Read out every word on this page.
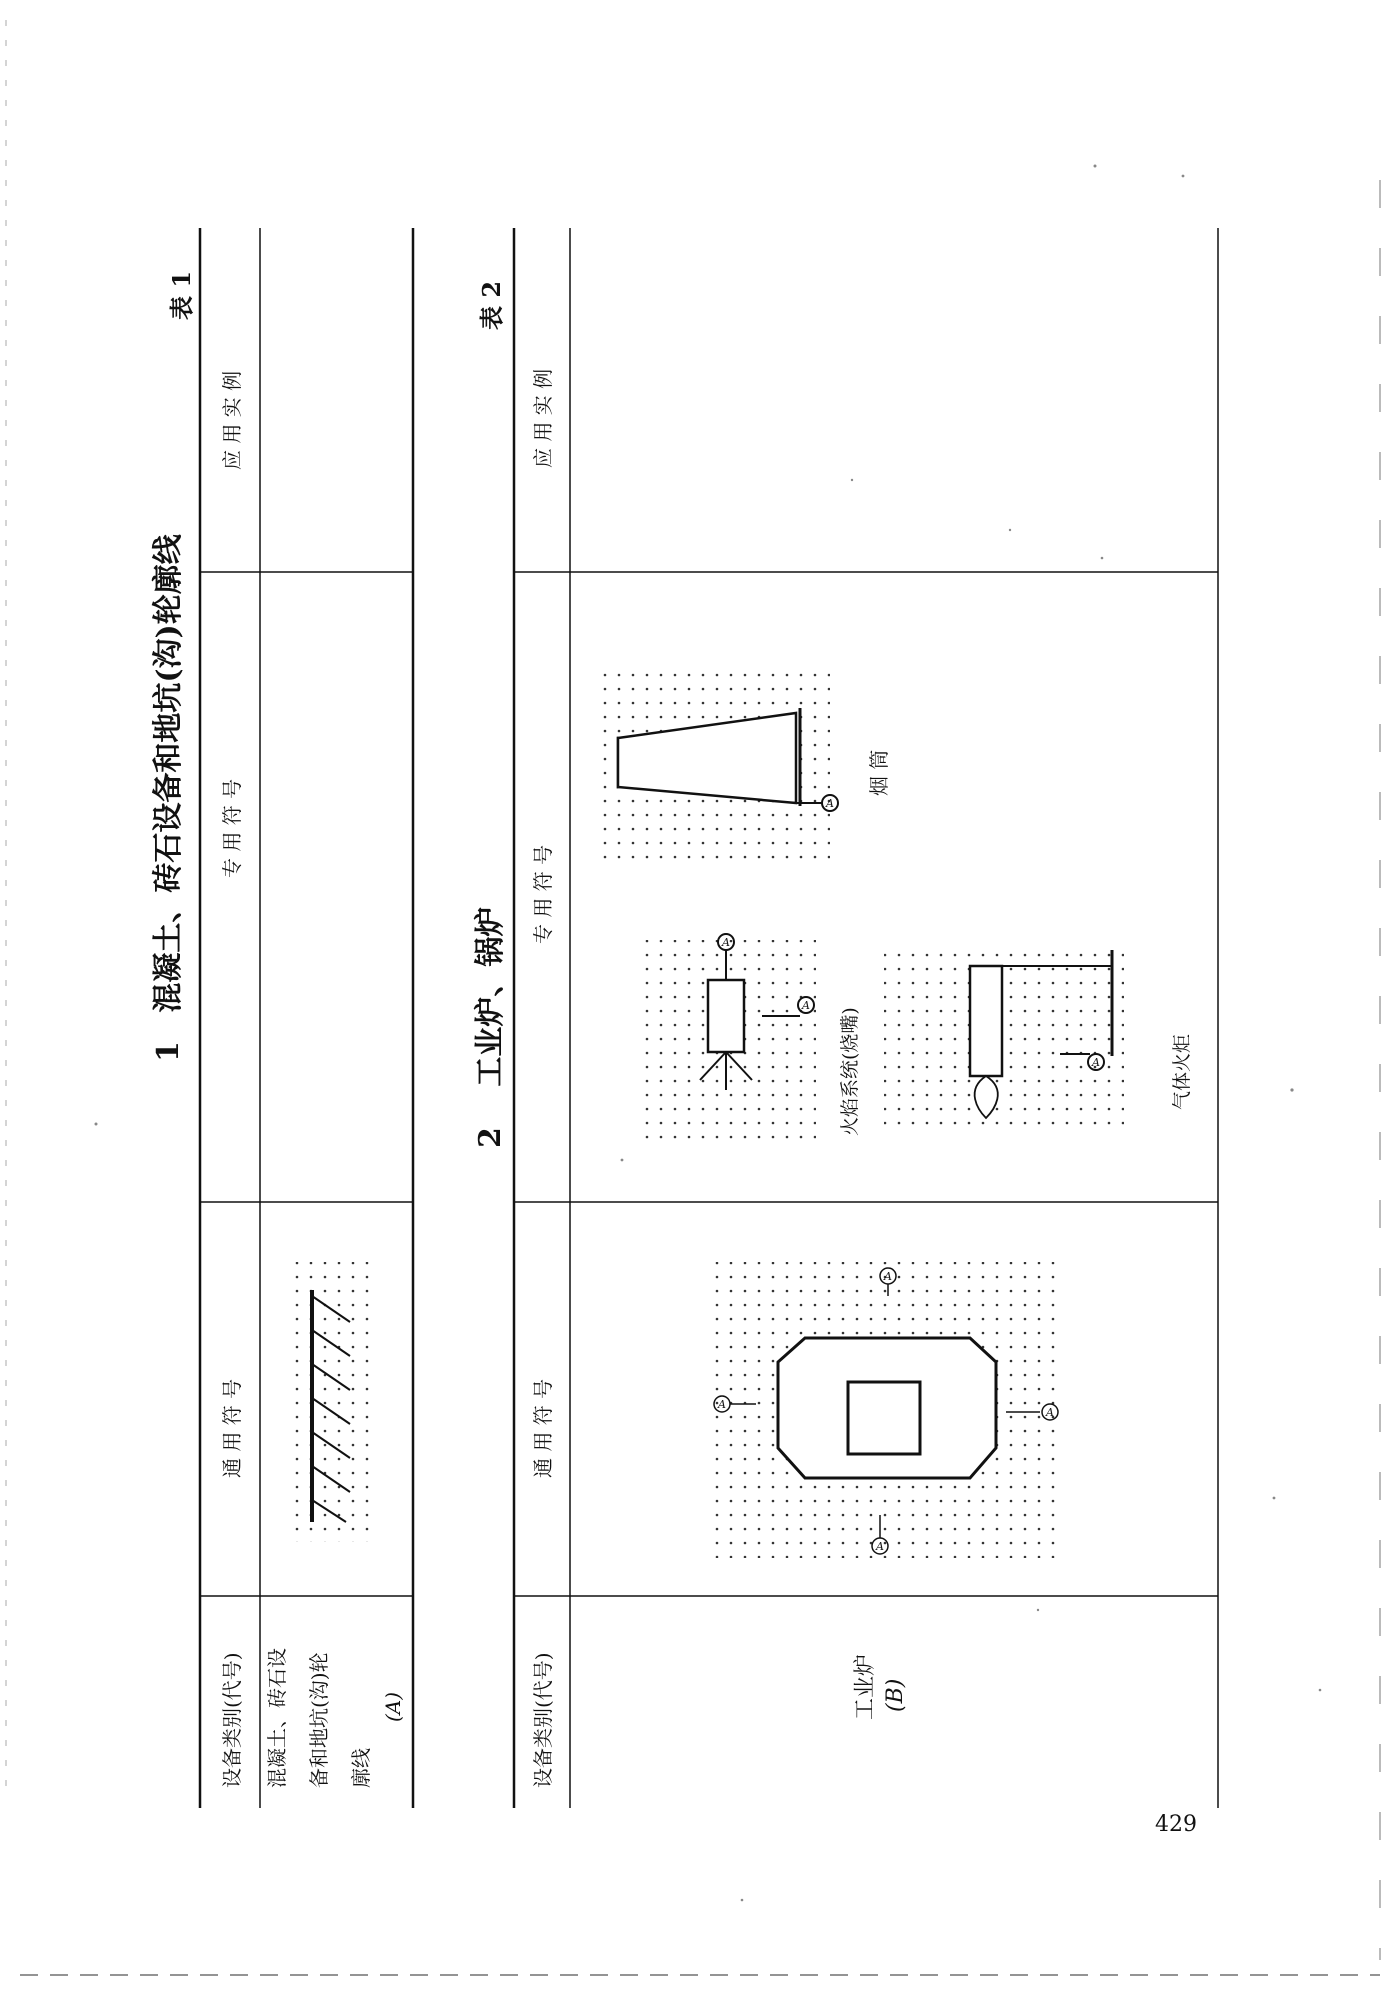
1 混凝土、砖石设备和地坑(沟)轮廓线
表 1
设备类别(代号)
通 用 符 号
专 用 符 号
应 用 实 例
混凝土、砖石设 备和地坑(沟)轮 廓线
(A)
2 工业炉、锅炉
表 2
设备类别(代号)
通 用 符 号
专 用 符 号
应 用 实 例
工业炉 (B)
A
A
A
A
A
A
火焰系统(烧嘴)	A	气体火炬
A
烟 筒
429
